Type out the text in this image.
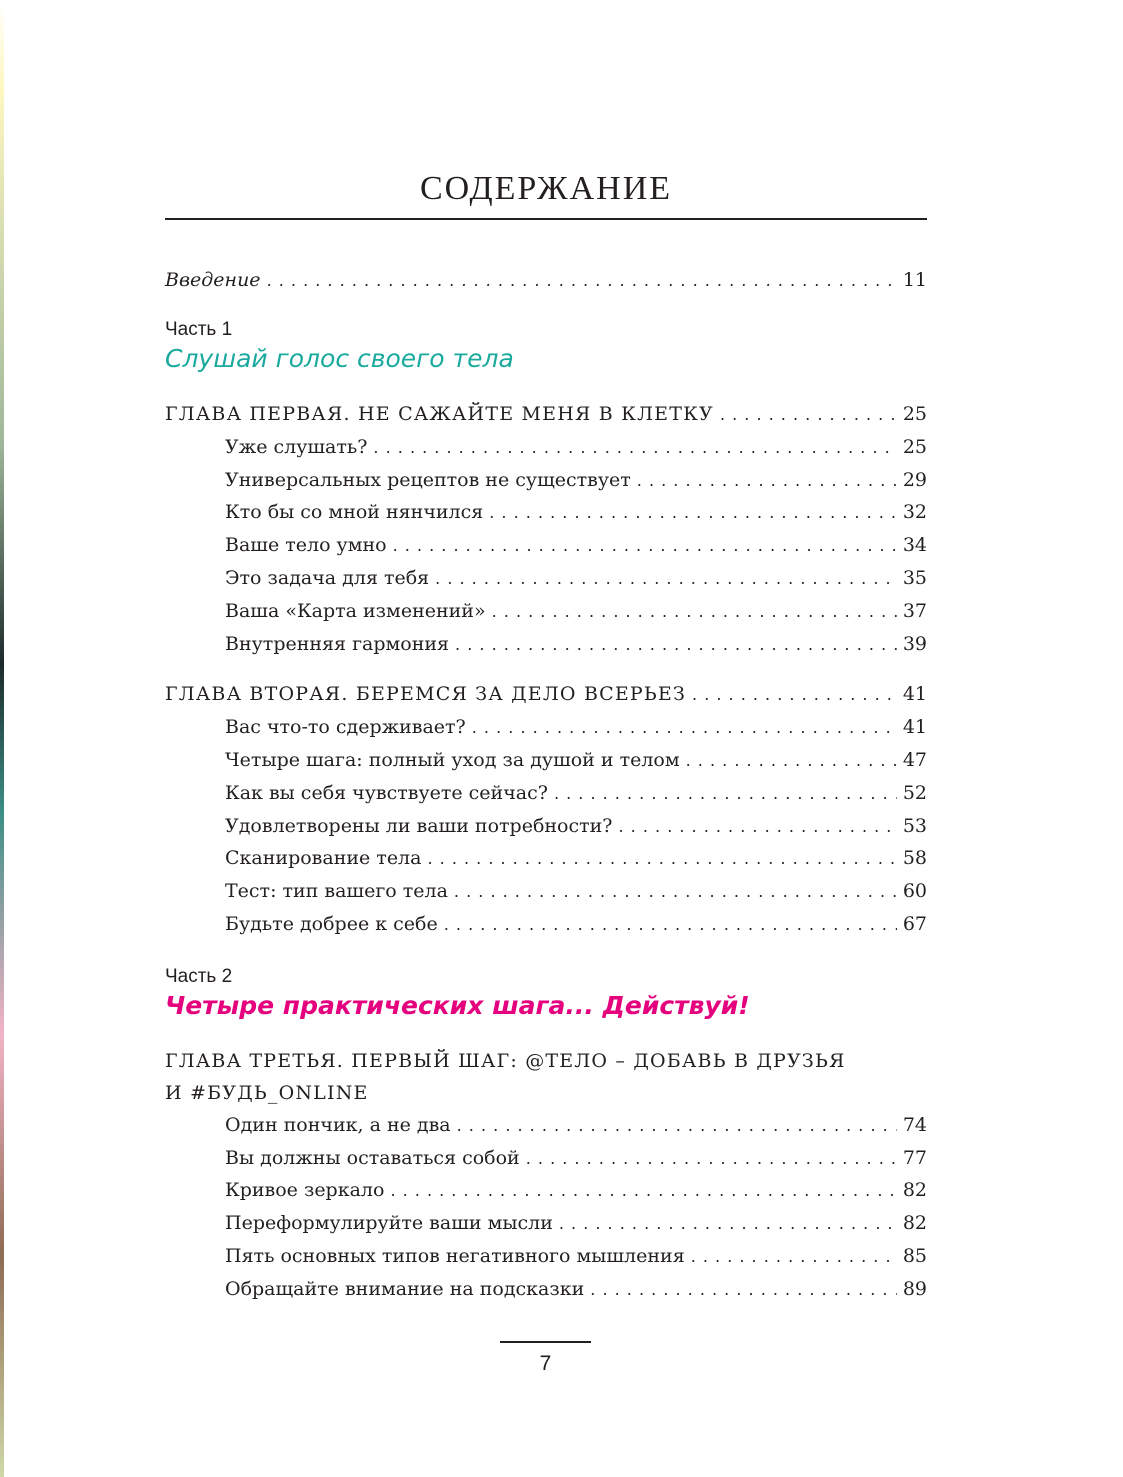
СОДЕРЖАНИЕ
Введение . . .	11
Часть 1
Слушай голос своего тела
ГЛАВА ПЕРВАЯ. НЕ САЖАЙТЕ МЕНЯ В КЛЕТКУ . . .	25
Уже слушать? . . .	25
Универсальных рецептов не существует . . .	29
Кто бы со мной нянчился . . .	32
Ваше тело умно . . .	34
Это задача для тебя . . .	35
Ваша «Карта изменений» . . .	37
Внутренняя гармония . . .	39
ГЛАВА ВТОРАЯ. БЕРЕМСЯ ЗА ДЕЛО ВСЕРЬЕЗ . . .	41
Вас что-то сдерживает? . . .	41
Четыре шага: полный уход за душой и телом . . .	47
Как вы себя чувствуете сейчас? . . .	52
Удовлетворены ли ваши потребности? . . .	53
Сканирование тела . . .	58
Тест: тип вашего тела . . .	60
Будьте добрее к себе . . .	67
Часть 2
Четыре практических шага... Действуй!
ГЛАВА ТРЕТЬЯ. ПЕРВЫЙ ШАГ: @ТЕЛО – ДОБАВЬ В ДРУЗЬЯ
И #БУДЬ_ONLINE
Один пончик, а не два . . .	74
Вы должны оставаться собой . . .	77
Кривое зеркало . . .	82
Переформулируйте ваши мысли . . .	82
Пять основных типов негативного мышления . . .	85
Обращайте внимание на подсказки . . .	89
7
